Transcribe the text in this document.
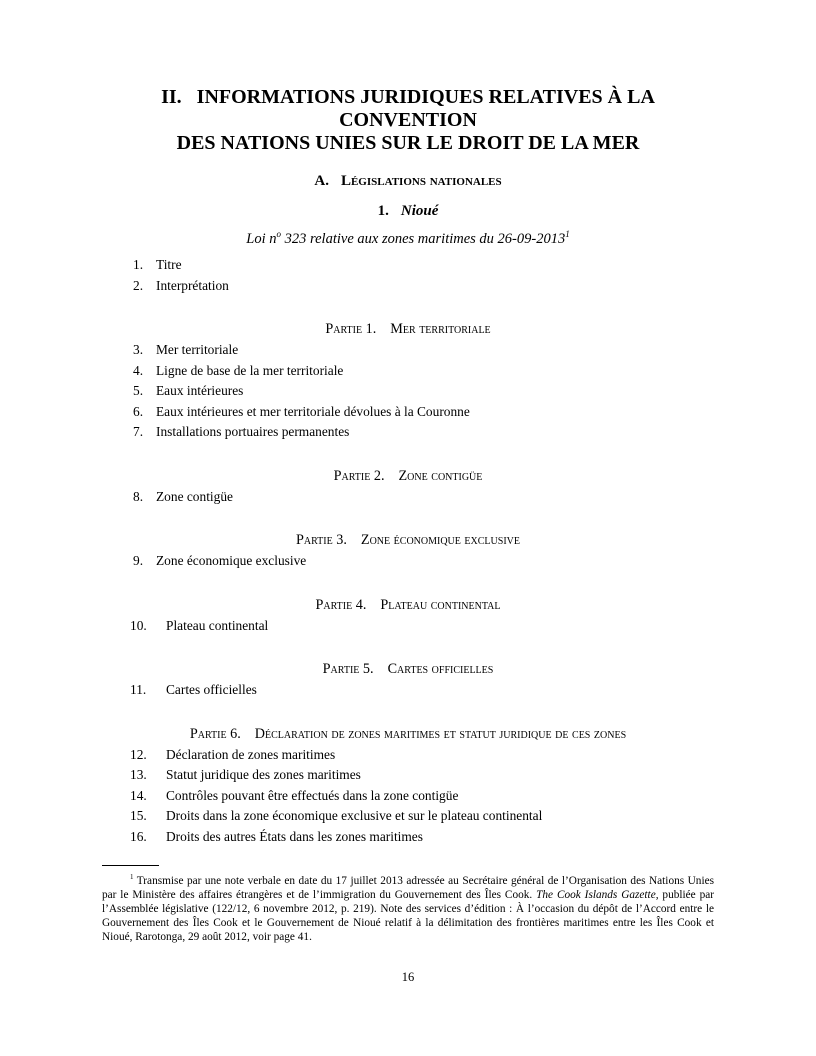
II. INFORMATIONS JURIDIQUES RELATIVES À LA CONVENTION
DES NATIONS UNIES SUR LE DROIT DE LA MER
A. Législations nationales
1. Nioué
Loi $n^o$ 323 relative aux zones maritimes du 26-09-2013$^1$
1. Titre
2. Interprétation
Partie 1. Mer territoriale
3. Mer territoriale
4. Ligne de base de la mer territoriale
5. Eaux intérieures
6. Eaux intérieures et mer territoriale dévolues à la Couronne
7. Installations portuaires permanentes
Partie 2. Zone contigüe
8. Zone contigüe
Partie 3. Zone économique exclusive
9. Zone économique exclusive
Partie 4. Plateau continental
10.	Plateau continental
Partie 5. Cartes officielles
11.	Cartes officielles
Partie 6. Déclaration de zones maritimes et statut juridique de ces zones
12.	Déclaration de zones maritimes
13.	Statut juridique des zones maritimes
14.	Contrôles pouvant être effectués dans la zone contigüe
15.	Droits dans la zone économique exclusive et sur le plateau continental
16.	Droits des autres États dans les zones maritimes

$^1$ Transmise par une note verbale en date du 17 juillet 2013 adressée au Secrétaire général de l’Organisation des Nations Unies par le Ministère des affaires étrangères et de l’immigration du Gouvernement des Îles Cook. The Cook Islands Gazette, publiée par l’Assemblée législative (122/12, 6 novembre 2012, p. 219). Note des services d’édition : À l’occasion du dépôt de l’Accord entre le Gouvernement des Îles Cook et le Gouvernement de Nioué relatif à la délimitation des frontières maritimes entre les Îles Cook et Nioué, Rarotonga, 29 août 2012, voir page 41.

16
